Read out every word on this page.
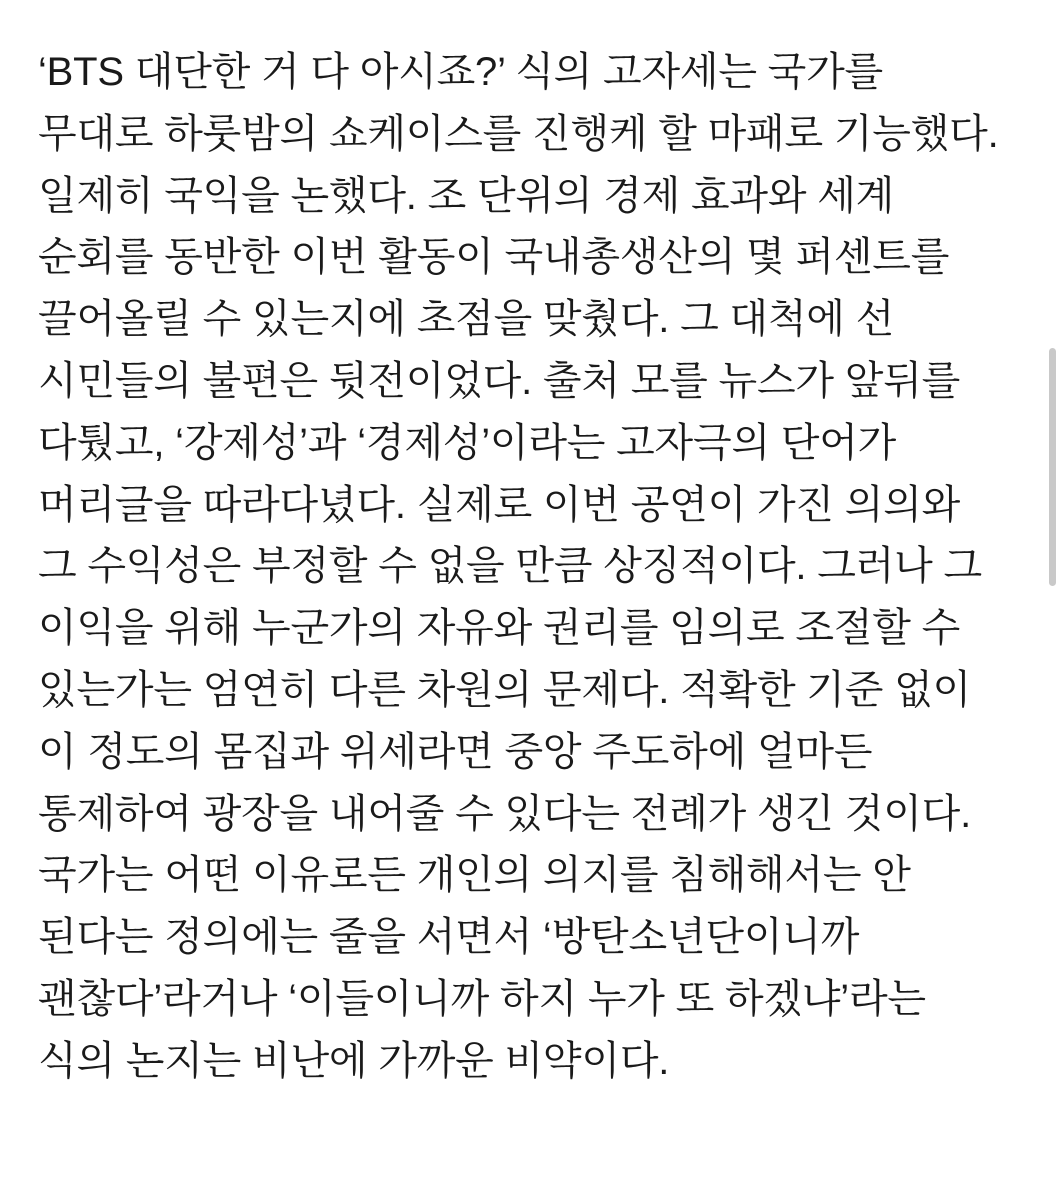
‘BTS 대단한 거 다 아시죠?’ 식의 고자세는 국가를 무대로 하룻밤의 쇼케이스를 진행케 할 마패로 기능했다. 일제히 국익을 논했다. 조 단위의 경제 효과와 세계 순회를 동반한 이번 활동이 국내총생산의 몇 퍼센트를 끌어올릴 수 있는지에 초점을 맞췄다. 그 대척에 선 시민들의 불편은 뒷전이었다. 출처 모를 뉴스가 앞뒤를 다퉜고, ‘강제성’과 ‘경제성’이라는 고자극의 단어가 머리글을 따라다녔다. 실제로 이번 공연이 가진 의의와 그 수익성은 부정할 수 없을 만큼 상징적이다. 그러나 그 이익을 위해 누군가의 자유와 권리를 임의로 조절할 수 있는가는 엄연히 다른 차원의 문제다. 적확한 기준 없이 이 정도의 몸집과 위세라면 중앙 주도하에 얼마든 통제하여 광장을 내어줄 수 있다는 전례가 생긴 것이다. 국가는 어떤 이유로든 개인의 의지를 침해해서는 안 된다는 정의에는 줄을 서면서 ‘방탄소년단이니까 괜찮다’라거나 ‘이들이니까 하지 누가 또 하겠냐’라는 식의 논지는 비난에 가까운 비약이다.
